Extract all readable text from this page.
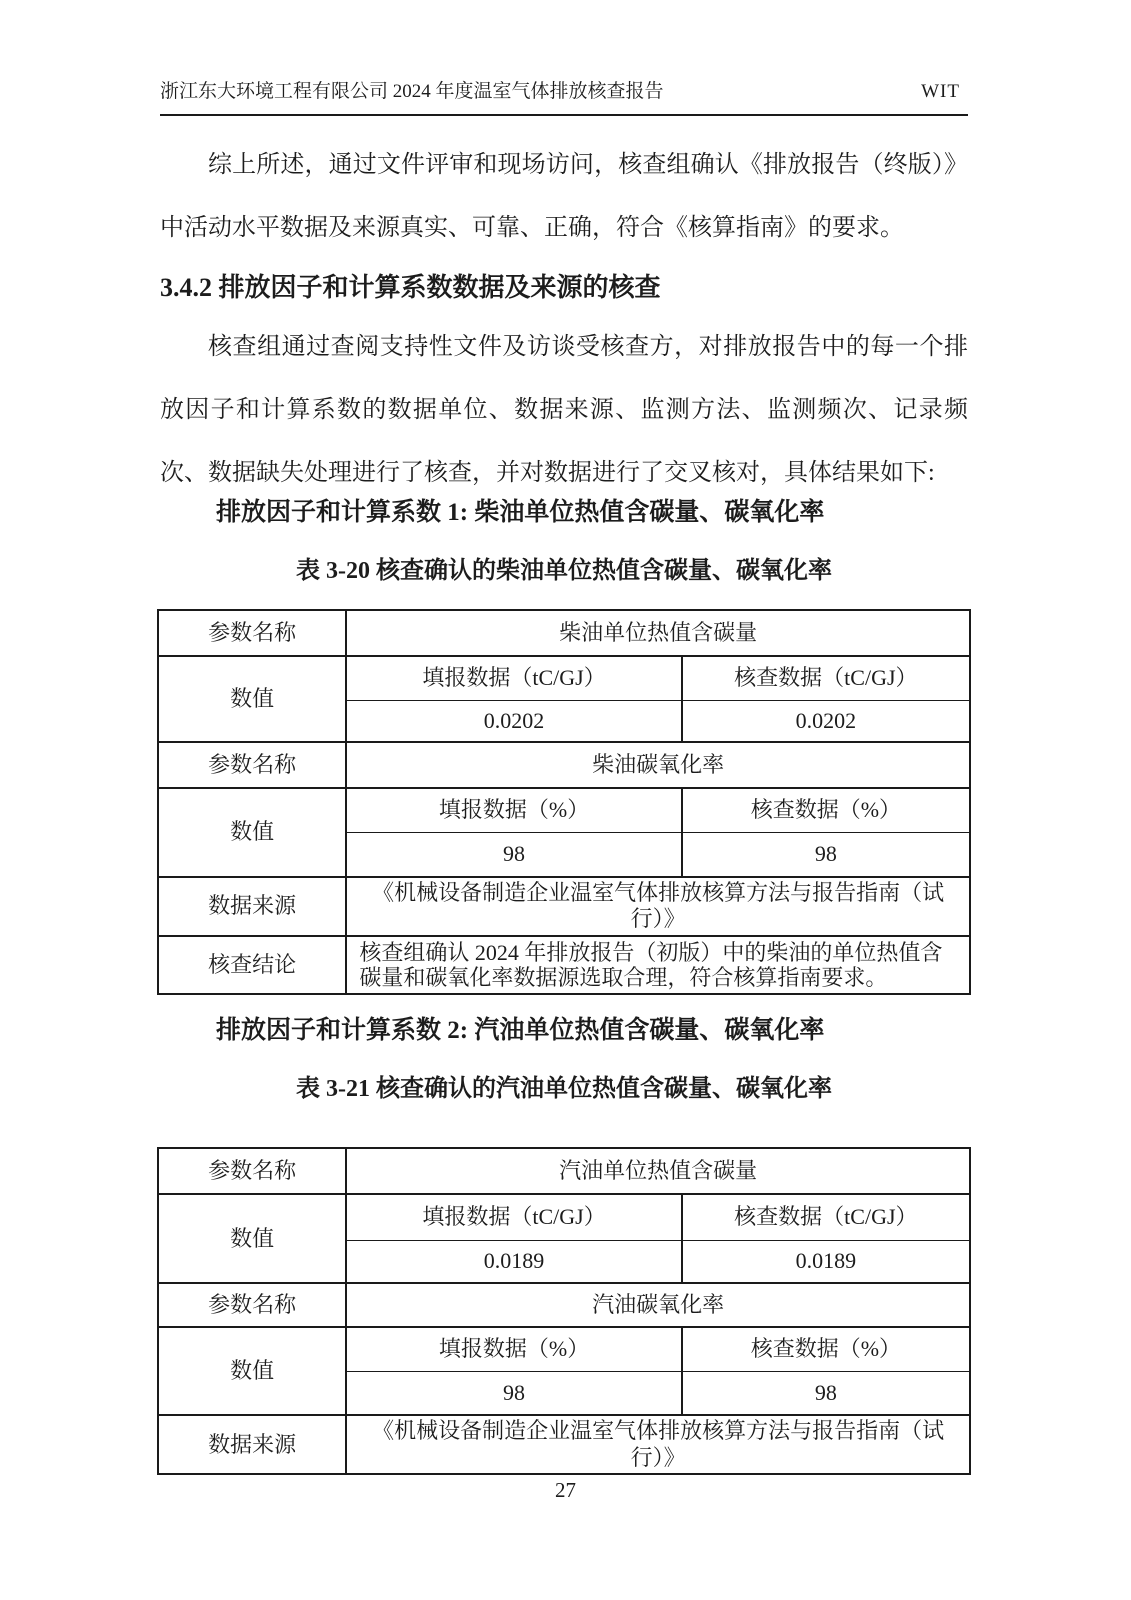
浙江东大环境工程有限公司 2024 年度温室气体排放核查报告	WIT

综上所述，通过文件评审和现场访问，核查组确认《排放报告（终版）》中活动水平数据及来源真实、可靠、正确，符合《核算指南》的要求。

3.4.2 排放因子和计算系数数据及来源的核查

核查组通过查阅支持性文件及访谈受核查方，对排放报告中的每一个排放因子和计算系数的数据单位、数据来源、监测方法、监测频次、记录频次、数据缺失处理进行了核查，并对数据进行了交叉核对，具体结果如下:

排放因子和计算系数 1: 柴油单位热值含碳量、碳氧化率
表 3-20 核查确认的柴油单位热值含碳量、碳氧化率
参数名称	柴油单位热值含碳量	
数值	填报数据（tC/GJ）	核查数据（tC/GJ）
	0.0202	0.0202
参数名称	柴油碳氧化率	
数值	填报数据（%）	核查数据（%）
	98	98
数据来源	《机械设备制造企业温室气体排放核算方法与报告指南（试行）》	
核查结论	核查组确认 2024 年排放报告（初版）中的柴油的单位热值含碳量和碳氧化率数据源选取合理，符合核算指南要求。	
排放因子和计算系数 2: 汽油单位热值含碳量、碳氧化率
表 3-21 核查确认的汽油单位热值含碳量、碳氧化率
参数名称	汽油单位热值含碳量	
数值	填报数据（tC/GJ）	核查数据（tC/GJ）
	0.0189	0.0189
参数名称	汽油碳氧化率	
数值	填报数据（%）	核查数据（%）
	98	98
数据来源	《机械设备制造企业温室气体排放核算方法与报告指南（试行）》	
27
